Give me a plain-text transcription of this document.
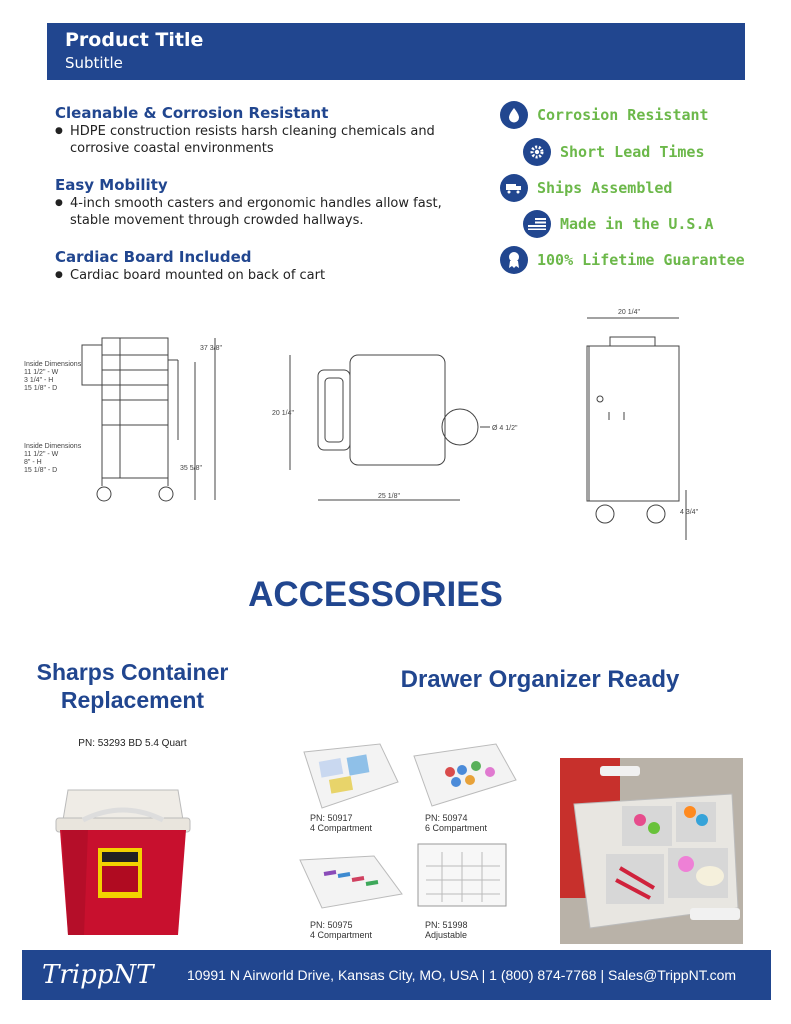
Product Title
Subtitle
Cleanable & Corrosion Resistant
● HDPE construction resists harsh cleaning chemicals and corrosive coastal environments
Easy Mobility
● 4-inch smooth casters and ergonomic handles allow fast, stable movement through crowded hallways.
Cardiac Board Included
● Cardiac board mounted on back of cart
Corrosion Resistant
Short Lead Times
Ships Assembled
Made in the U.S.A
100% Lifetime Guarantee
Inside Dimensions
11 1/2" - W
3 1/4" - H
15 1/8" - D
Inside Dimensions
11 1/2" - W
8" - H
15 1/8" - D
37 3/8"
35 5/8"
20 1/4"
25 1/8"
Ø 4 1/2"
20 1/4"
4 3/4"
ACCESSORIES
Sharps Container Replacement
Drawer Organizer Ready
PN: 53293 BD 5.4 Quart
PN: 50917
4 Compartment
PN: 50974
6 Compartment
PN: 50975
4 Compartment
PN: 51998
Adjustable
TrippNT	10991 N Airworld Drive, Kansas City, MO, USA | 1 (800) 874-7768 | Sales@TrippNT.com
